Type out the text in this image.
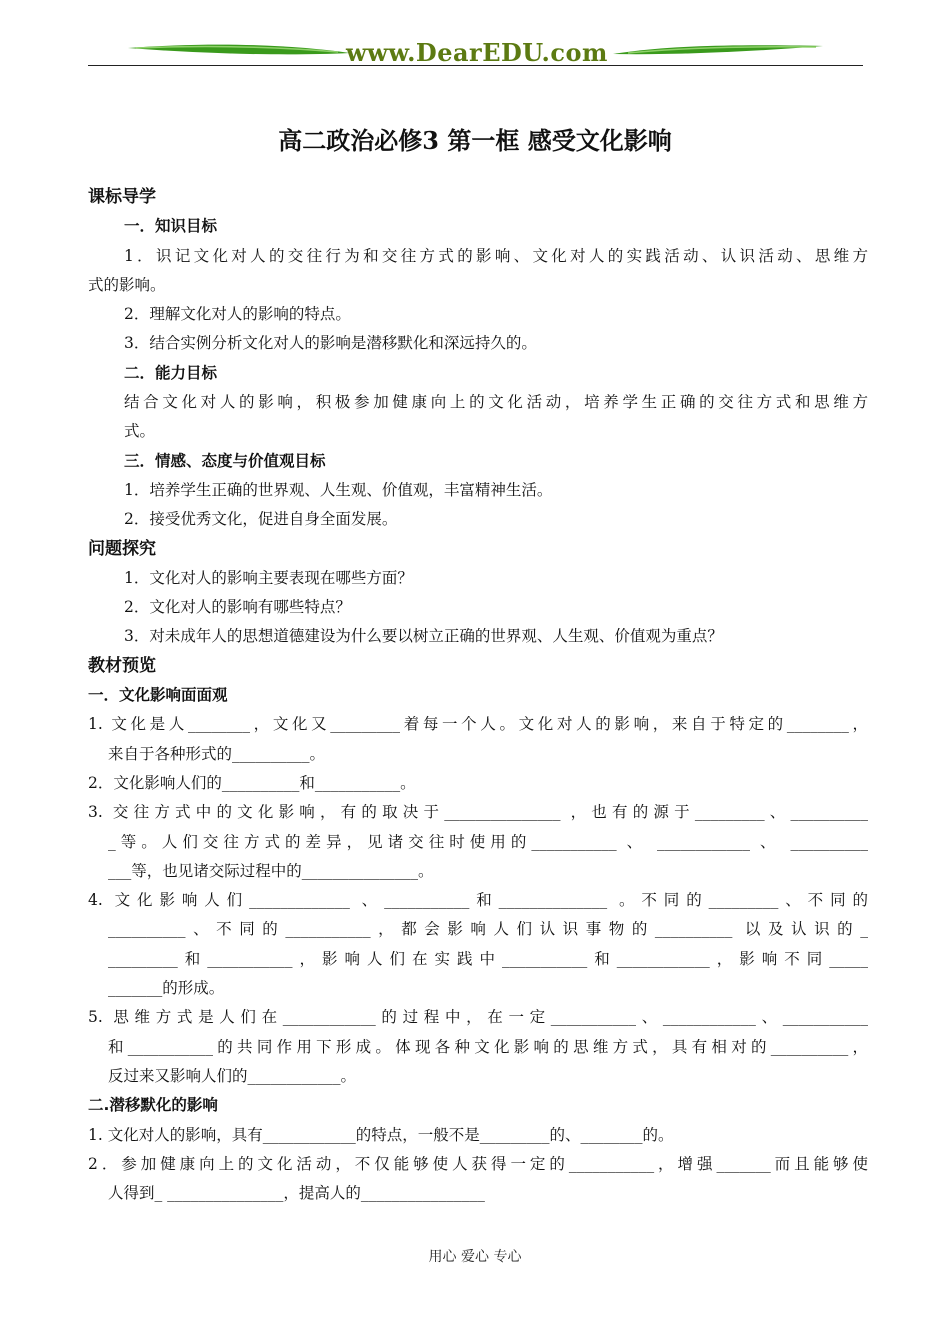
www.DearEDU.com
高二政治必修3 第一框 感受文化影响
课标导学
一．知识目标
1．识记文化对人的交往行为和交往方式的影响、文化对人的实践活动、认识活动、思维方
式的影响。
2．理解文化对人的影响的特点。
3．结合实例分析文化对人的影响是潜移默化和深远持久的。
二．能力目标
结合文化对人的影响，积极参加健康向上的文化活动，培养学生正确的交往方式和思维方
式。
三．情感、态度与价值观目标
1．培养学生正确的世界观、人生观、价值观，丰富精神生活。
2．接受优秀文化，促进自身全面发展。
问题探究
1．文化对人的影响主要表现在哪些方面？
2．文化对人的影响有哪些特点？
3．对未成年人的思想道德建设为什么要以树立正确的世界观、人生观、价值观为重点？
教材预览
一．文化影响面面观
1. 文化是人________，文化又_________着每一个人。文化对人的影响，来自于特定的________，
来自于各种形式的__________。
2．文化影响人们的__________和___________。
3. 交往方式中的文化影响，有的取决于_______________ ，也有的源于_________、__________
_等。人们交往方式的差异，见诸交往时使用的___________ 、 ____________ 、 __________
___等，也见诸交际过程中的_______________。
4. 文化影响人们_____________ 、___________和______________ 。不同的_________、不同的
__________、不同的___________，都会影响人们认识事物的__________ 以及认识的_
_________和___________，影响人们在实践中___________和____________，影响不同_____
_______的形成。
5. 思维方式是人们在____________的过程中，在一定___________、____________、___________
和___________的共同作用下形成。体现各种文化影响的思维方式，具有相对的__________，
反过来又影响人们的____________。
二.潜移默化的影响
1. 文化对人的影响，具有____________的特点，一般不是_________的、________的。
2．参加健康向上的文化活动，不仅能够使人获得一定的___________，增强_______而且能够使
人得到_ _______________，提高人的________________
用心 爱心 专心
